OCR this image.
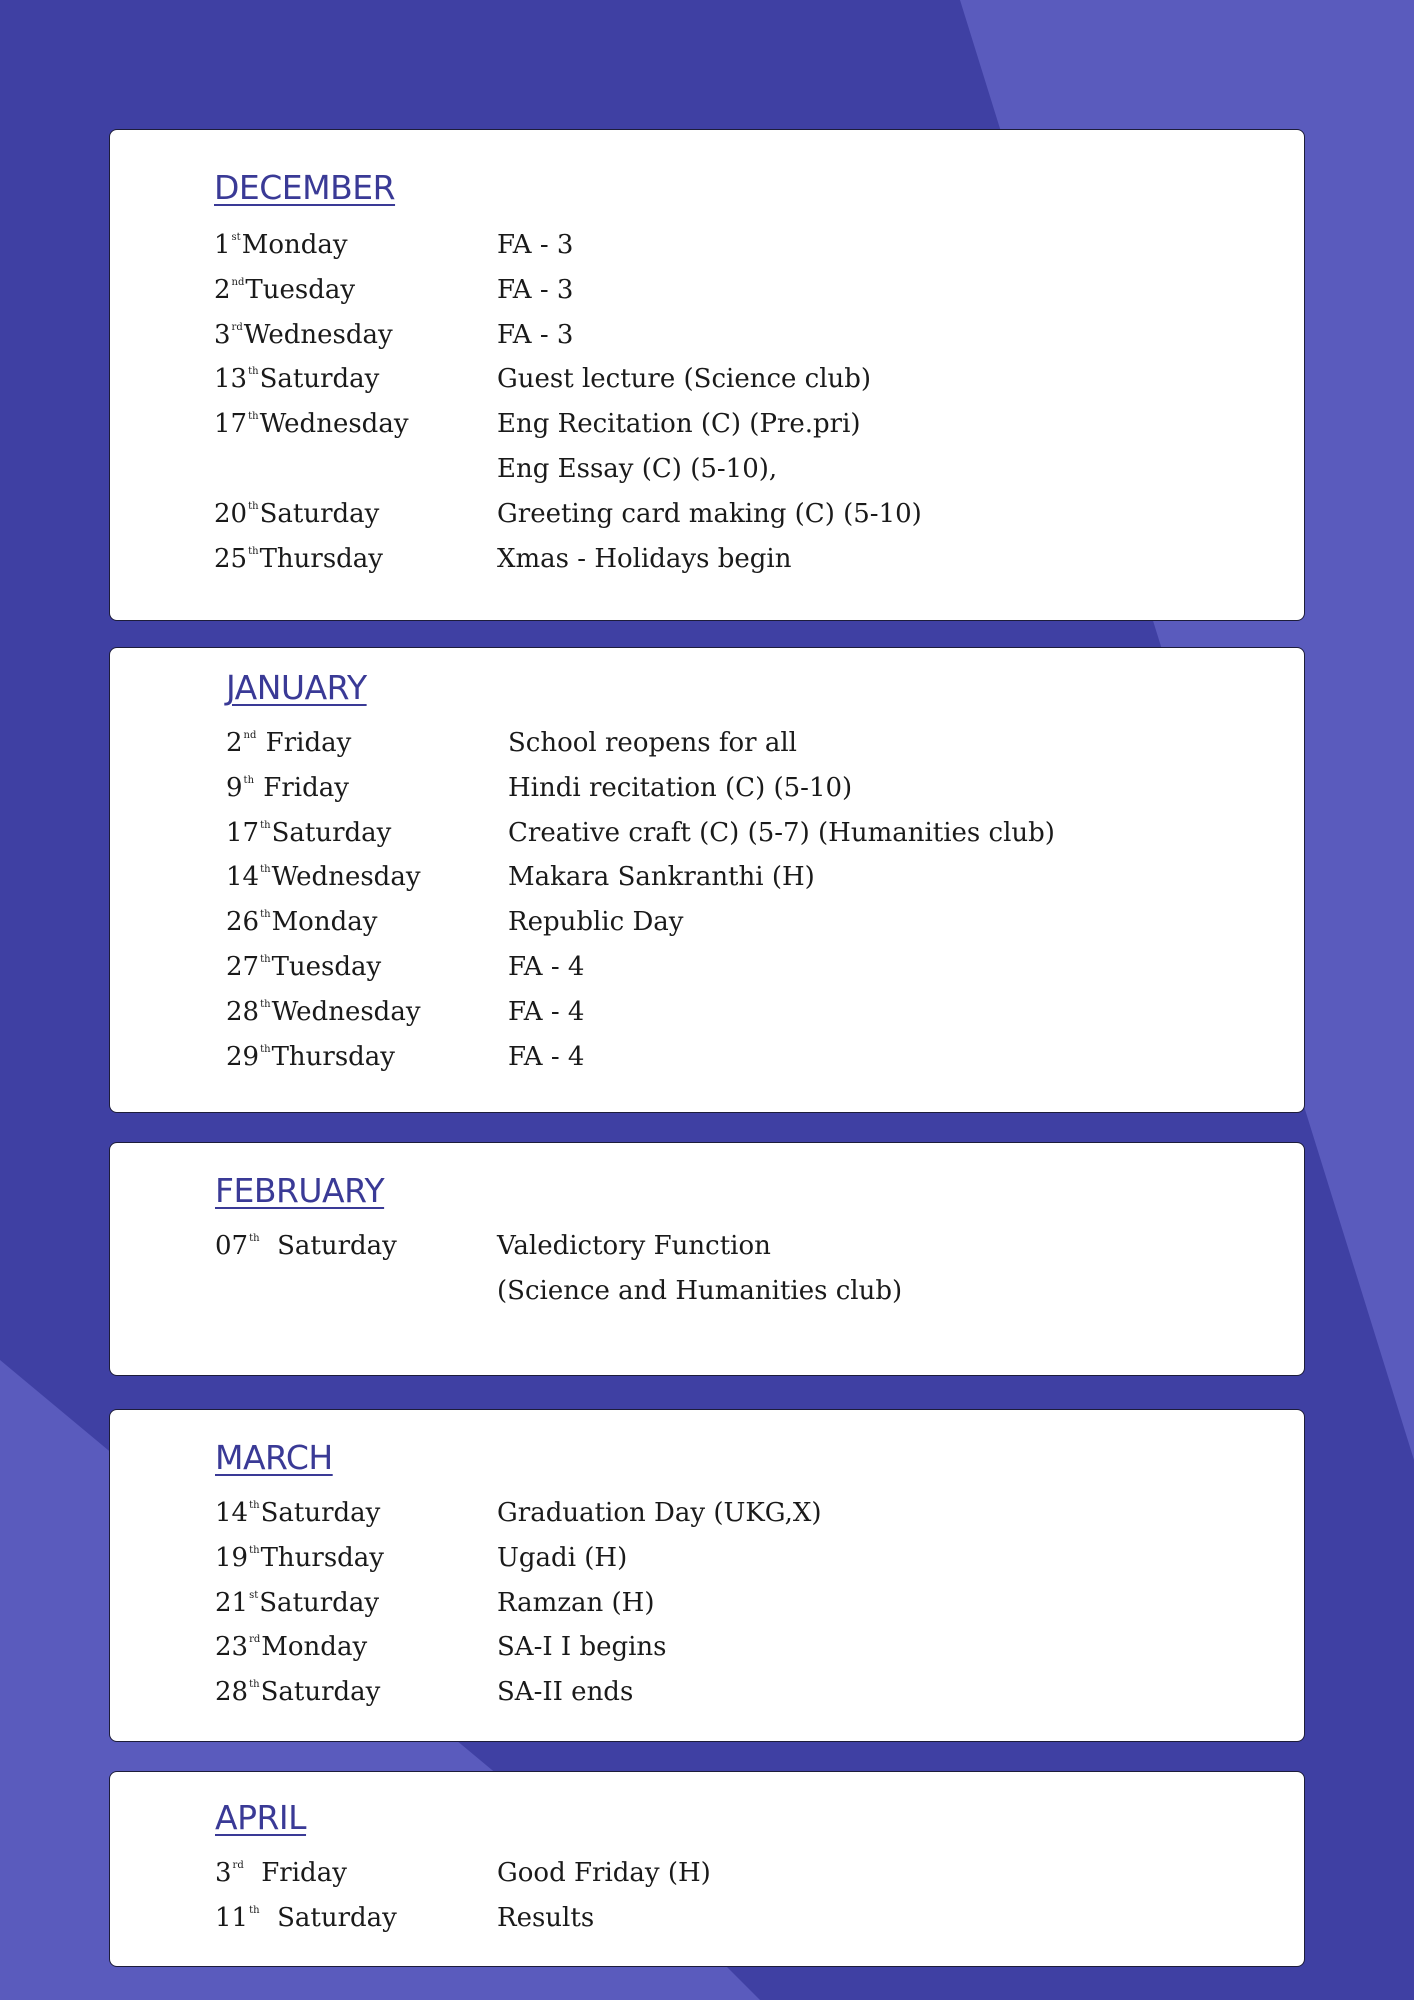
DECEMBER
1stMonday	FA - 3
2ndTuesday	FA - 3
3rdWednesday	FA - 3
13thSaturday	Guest lecture (Science club)
17thWednesday	Eng Recitation (C) (Pre.pri)
Eng Essay (C) (5-10),
20thSaturday	Greeting card making (C) (5-10)
25thThursday	Xmas - Holidays begin
JANUARY
2nd Friday	School reopens for all
9th Friday	Hindi recitation (C) (5-10)
17thSaturday	Creative craft (C) (5-7) (Humanities club)
14thWednesday	Makara Sankranthi (H)
26thMonday	Republic Day
27thTuesday	FA - 4
28thWednesday	FA - 4
29thThursday	FA - 4
FEBRUARY
07th Saturday	Valedictory Function
(Science and Humanities club)
MARCH
14thSaturday	Graduation Day (UKG,X)
19thThursday	Ugadi (H)
21stSaturday	Ramzan (H)
23rdMonday	SA-I I begins
28thSaturday	SA-II ends
APRIL
3rd Friday	Good Friday (H)
11th Saturday	Results
